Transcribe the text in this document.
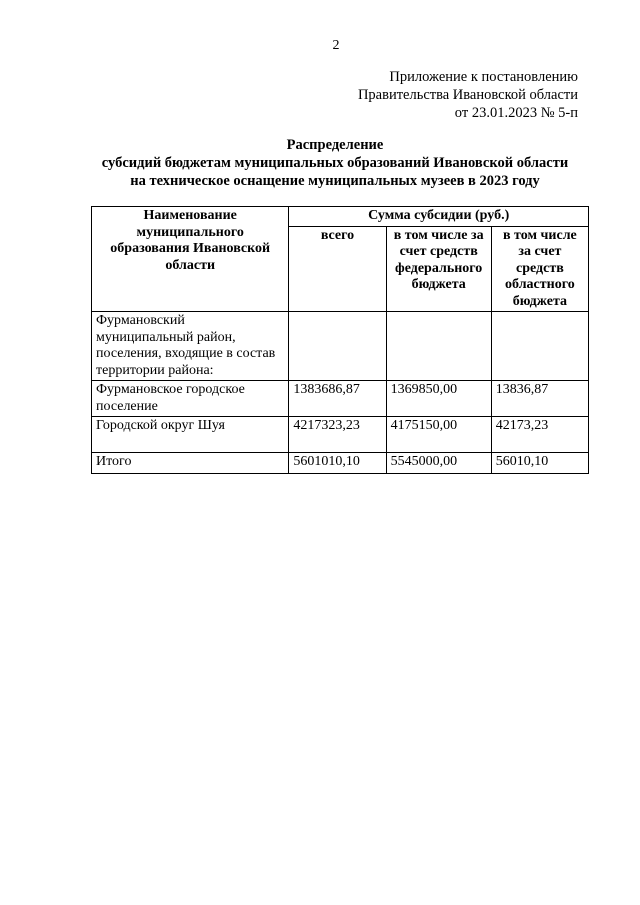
2
Приложение к постановлению
Правительства Ивановской области
от 23.01.2023 № 5-п
Распределение
субсидий бюджетам муниципальных образований Ивановской области
на техническое оснащение муниципальных музеев в 2023 году
Наименование муниципального образования Ивановской области	Сумма субсидии (руб.)		
	всего	в том числе за счет средств федерального бюджета	в том числе за счет средств областного бюджета
Фурмановский муниципальный район, поселения, входящие в состав территории района:			
Фурмановское городское поселение	1383686,87	1369850,00	13836,87
Городской округ Шуя	4217323,23	4175150,00	42173,23
Итого	5601010,10	5545000,00	56010,10
